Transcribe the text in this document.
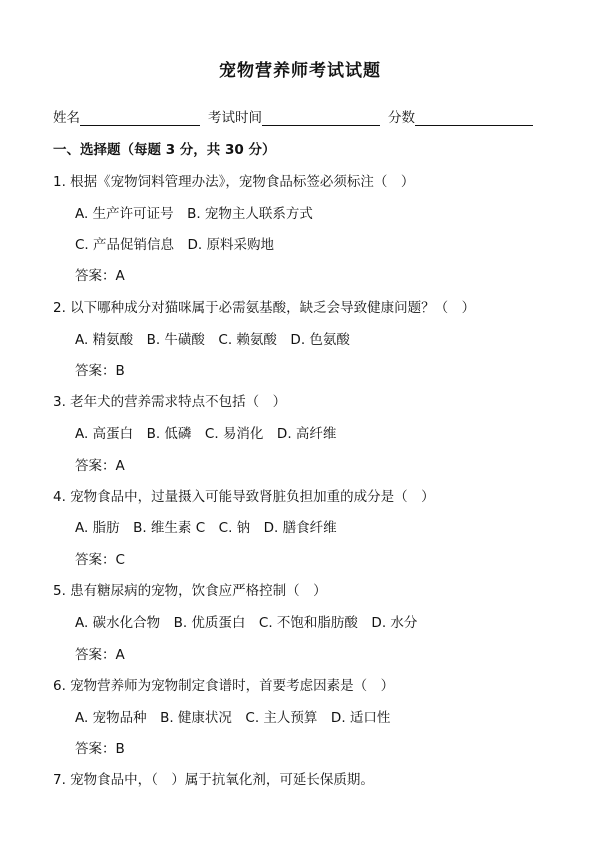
宠物营养师考试试题
姓名	考试时间	分数
一、选择题（每题 3 分，共 30 分）
1. 根据《宠物饲料管理办法》，宠物食品标签必须标注（　）
A. 生产许可证号　B. 宠物主人联系方式
C. 产品促销信息　D. 原料采购地
答案：A
2. 以下哪种成分对猫咪属于必需氨基酸，缺乏会导致健康问题？（　）
A. 精氨酸　B. 牛磺酸　C. 赖氨酸　D. 色氨酸
答案：B
3. 老年犬的营养需求特点不包括（　）
A. 高蛋白　B. 低磷　C. 易消化　D. 高纤维
答案：A
4. 宠物食品中，过量摄入可能导致肾脏负担加重的成分是（　）
A. 脂肪　B. 维生素 C　C. 钠　D. 膳食纤维
答案：C
5. 患有糖尿病的宠物，饮食应严格控制（　）
A. 碳水化合物　B. 优质蛋白　C. 不饱和脂肪酸　D. 水分
答案：A
6. 宠物营养师为宠物制定食谱时，首要考虑因素是（　）
A. 宠物品种　B. 健康状况　C. 主人预算　D. 适口性
答案：B
7. 宠物食品中，（　）属于抗氧化剂，可延长保质期。
